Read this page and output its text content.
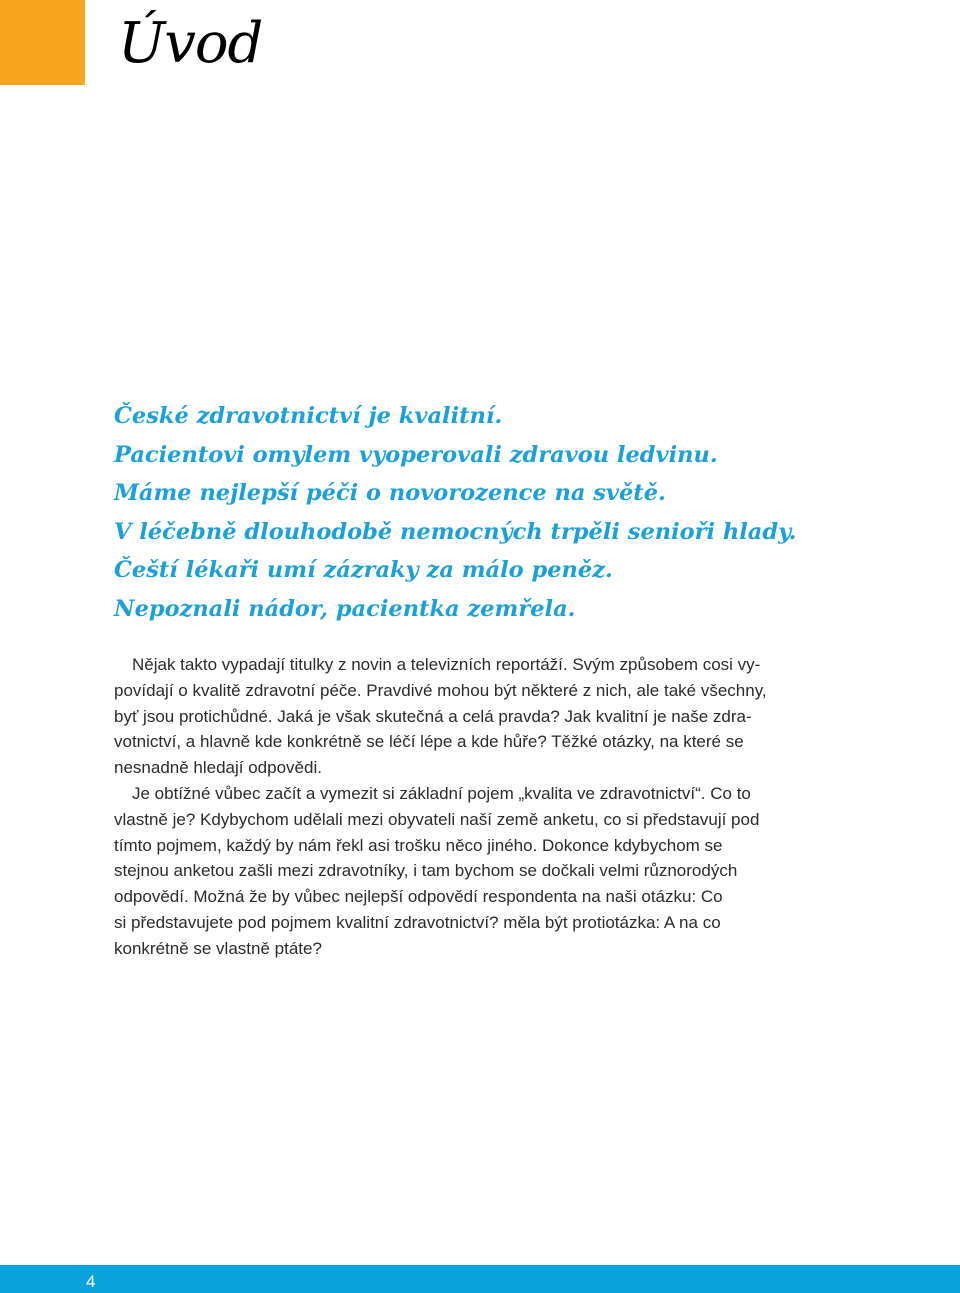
Úvod
České zdravotnictví je kvalitní.
Pacientovi omylem vyoperovali zdravou ledvinu.
Máme nejlepší péči o novorozence na světě.
V léčebně dlouhodobě nemocných trpěli senioři hlady.
Čeští lékaři umí zázraky za málo peněz.
Nepoznali nádor, pacientka zemřela.
Nějak takto vypadají titulky z novin a televizních reportáží. Svým způsobem cosi vy-
povídají o kvalitě zdravotní péče. Pravdivé mohou být některé z nich, ale také všechny,
byť jsou protichůdné. Jaká je však skutečná a celá pravda? Jak kvalitní je naše zdra-
votnictví, a hlavně kde konkrétně se léčí lépe a kde hůře? Těžké otázky, na které se
nesnadně hledají odpovědi.
Je obtížné vůbec začít a vymezit si základní pojem „kvalita ve zdravotnictví“. Co to
vlastně je? Kdybychom udělali mezi obyvateli naší země anketu, co si představují pod
tímto pojmem, každý by nám řekl asi trošku něco jiného. Dokonce kdybychom se
stejnou anketou zašli mezi zdravotníky, i tam bychom se dočkali velmi různorodých
odpovědí. Možná že by vůbec nejlepší odpovědí respondenta na naši otázku: Co
si představujete pod pojmem kvalitní zdravotnictví? měla být protiotázka: A na co
konkrétně se vlastně ptáte?
4
